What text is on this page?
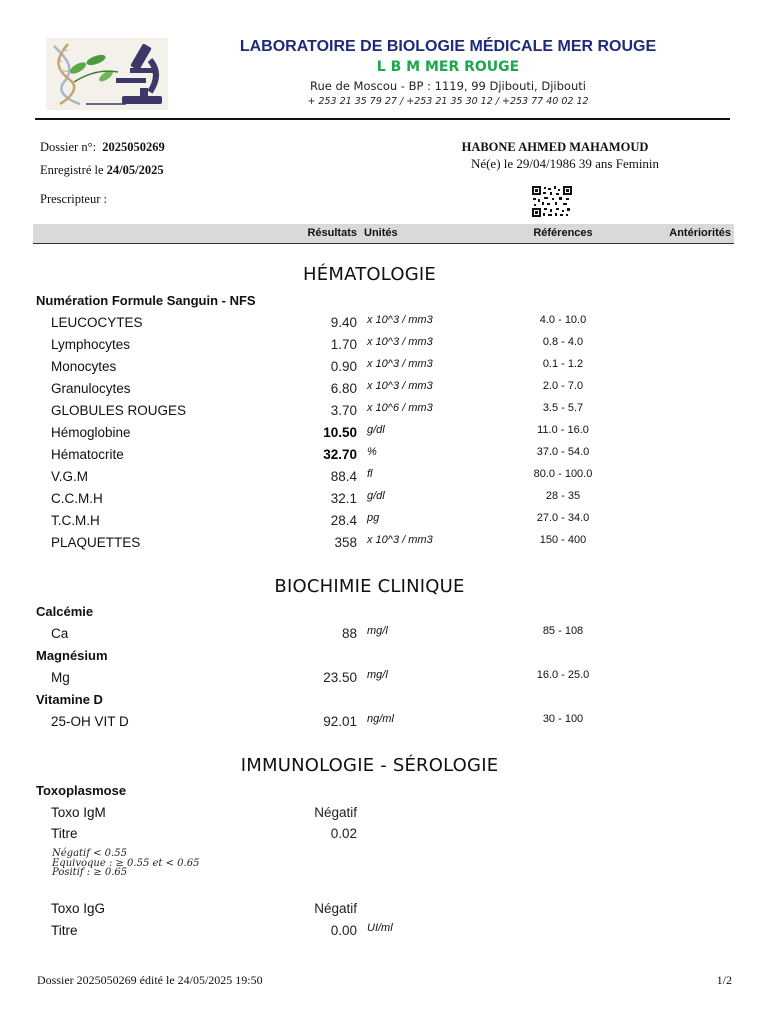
LABORATOIRE DE BIOLOGIE MÉDICALE MER ROUGE
L B M MER ROUGE
Rue de Moscou - BP : 1119, 99 Djibouti, Djibouti
+ 253 21 35 79 27 / +253 21 35 30 12 / +253 77 40 02 12
Dossier n°: 2025050269
Enregistré le 24/05/2025
Prescripteur :
HABONE AHMED MAHAMOUD
Né(e) le 29/04/1986 39 ans Feminin
Résultats Unités	Références	Antériorités
HÉMATOLOGIE
Numération Formule Sanguin - NFS
LEUCOCYTES	9.40 x 10^3 / mm3	4.0 - 10.0
Lymphocytes	1.70 x 10^3 / mm3	0.8 - 4.0
Monocytes	0.90 x 10^3 / mm3	0.1 - 1.2
Granulocytes	6.80 x 10^3 / mm3	2.0 - 7.0
GLOBULES ROUGES	3.70 x 10^6 / mm3	3.5 - 5.7
Hémoglobine	10.50 g/dl	11.0 - 16.0
Hématocrite	32.70 %	37.0 - 54.0
V.G.M	88.4 fl	80.0 - 100.0
C.C.M.H	32.1 g/dl	28 - 35
T.C.M.H	28.4 pg	27.0 - 34.0
PLAQUETTES	358 x 10^3 / mm3	150 - 400
BIOCHIMIE CLINIQUE
Calcémie
Ca	88 mg/l	85 - 108
Magnésium
Mg	23.50 mg/l	16.0 - 25.0
Vitamine D
25-OH VIT D	92.01 ng/ml	30 - 100
IMMUNOLOGIE - SÉROLOGIE
Toxoplasmose
Toxo IgM	Négatif
Titre	0.02
Négatif < 0.55
Equivoque : ≥ 0.55 et < 0.65
Positif : ≥ 0.65
Toxo IgG	Négatif
Titre	0.00 UI/ml
Dossier 2025050269 édité le 24/05/2025 19:50	1/2
